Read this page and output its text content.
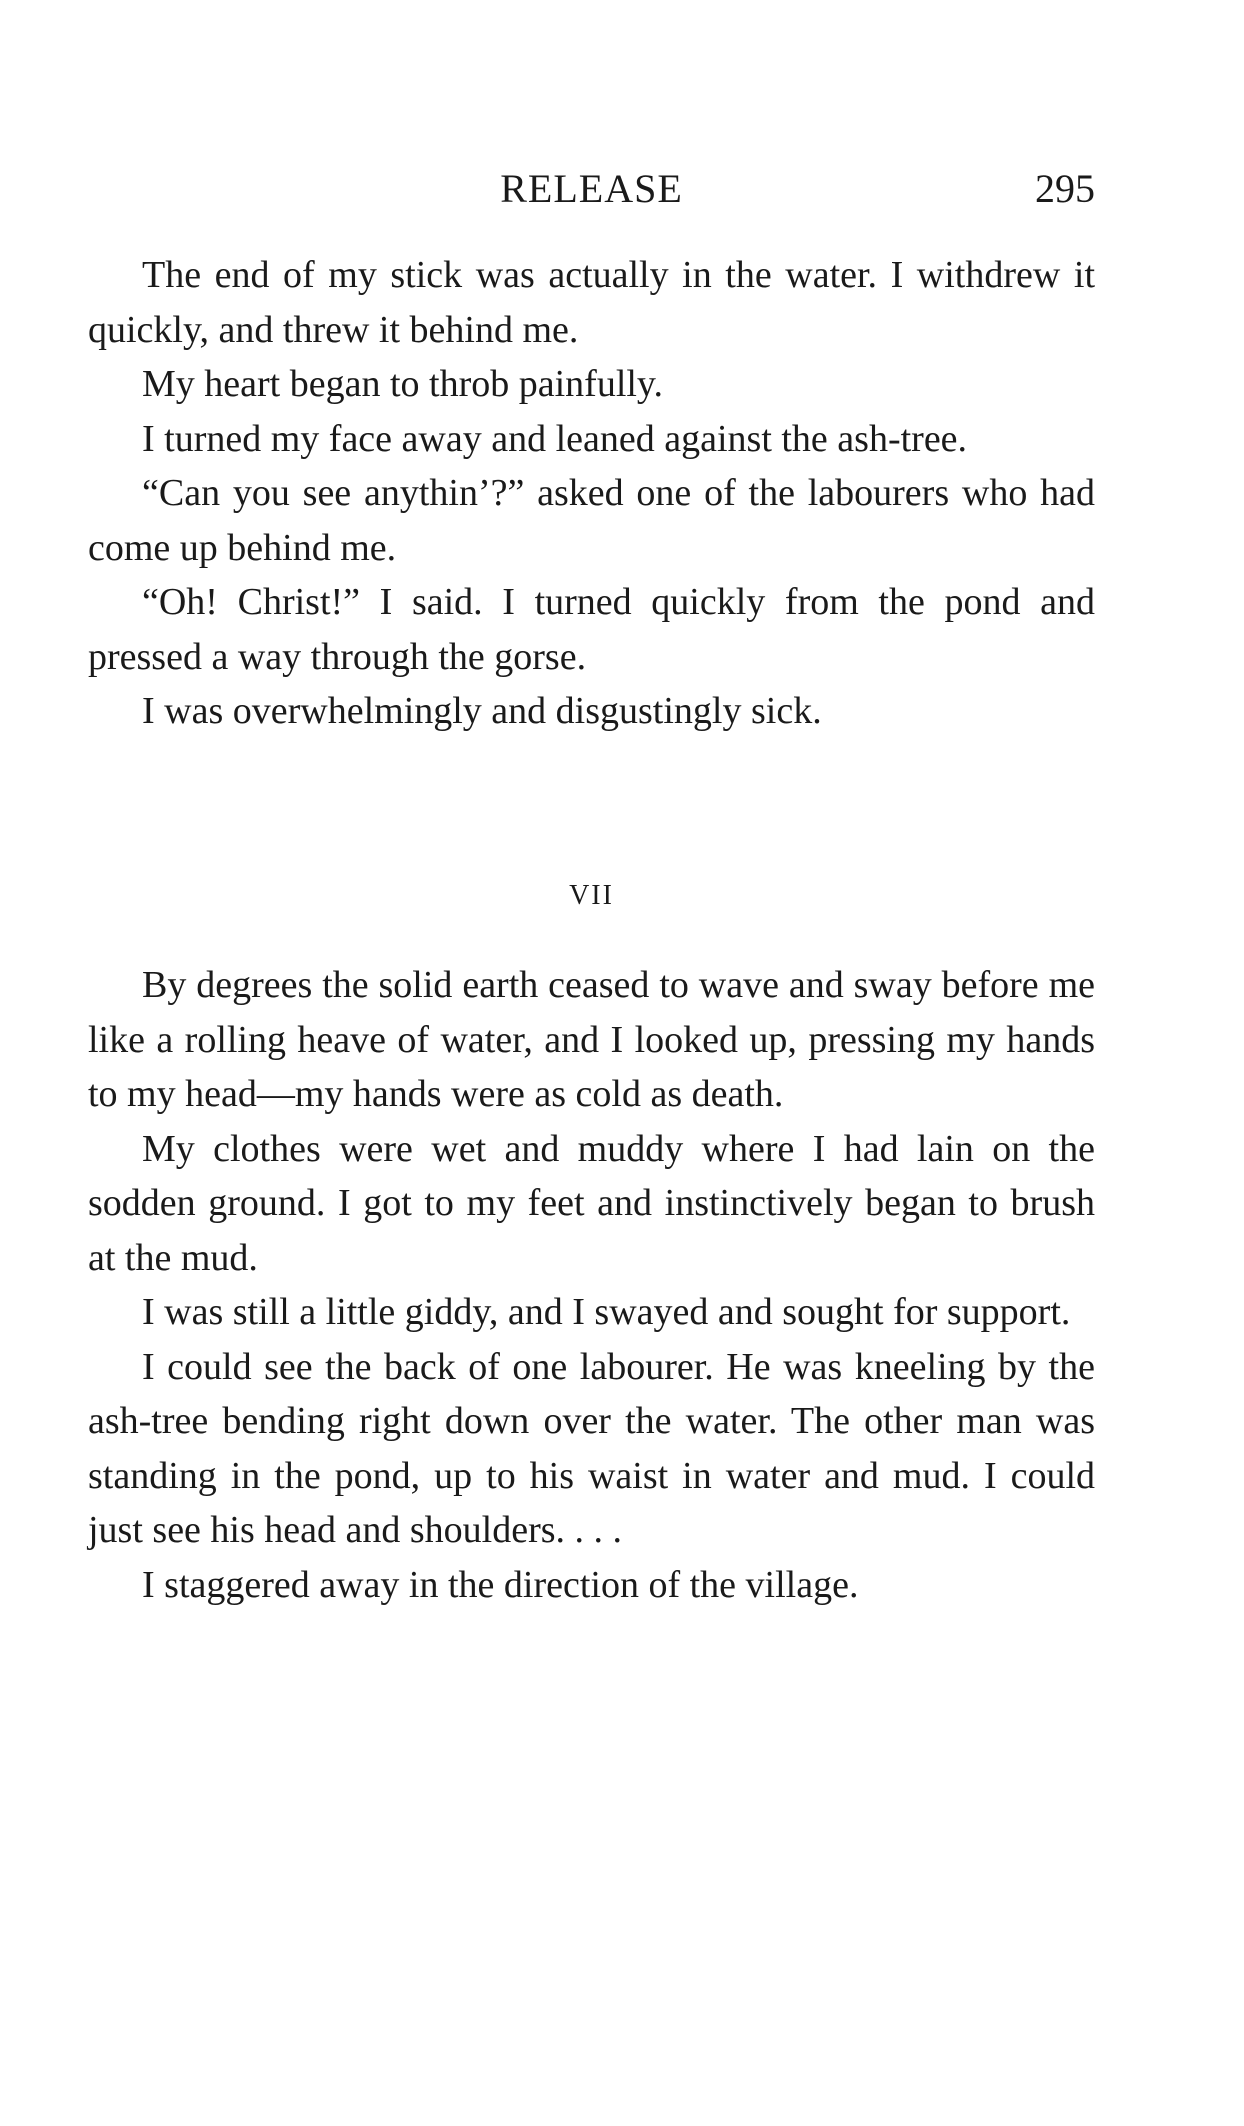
RELEASE	295

The end of my stick was actually in the water. I withdrew it quickly, and threw it behind me.

My heart began to throb painfully.

I turned my face away and leaned against the ash-tree.

“Can you see anythin’?” asked one of the labourers who had come up behind me.

“Oh! Christ!” I said. I turned quickly from the pond and pressed a way through the gorse.

I was overwhelmingly and disgustingly sick.

VII

By degrees the solid earth ceased to wave and sway before me like a rolling heave of water, and I looked up, pressing my hands to my head—my hands were as cold as death.

My clothes were wet and muddy where I had lain on the sodden ground. I got to my feet and instinctively began to brush at the mud.

I was still a little giddy, and I swayed and sought for support.

I could see the back of one labourer. He was kneeling by the ash-tree bending right down over the water. The other man was standing in the pond, up to his waist in water and mud. I could just see his head and shoulders. . . .

I staggered away in the direction of the village.
